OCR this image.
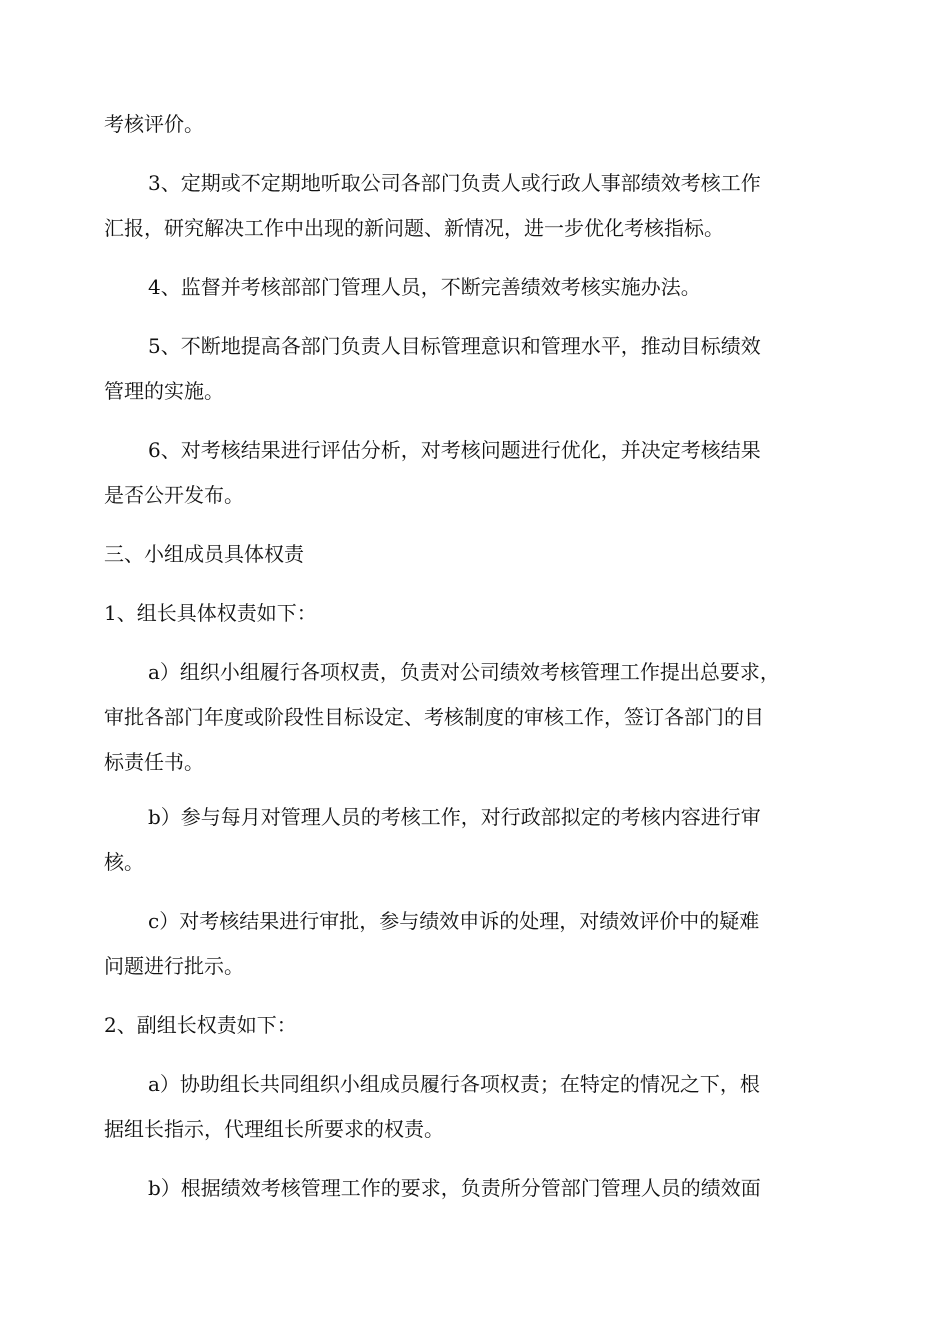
考核评价。

3、定期或不定期地听取公司各部门负责人或行政人事部绩效考核工作

汇报，研究解决工作中出现的新问题、新情况，进一步优化考核指标。

4、监督并考核部部门管理人员，不断完善绩效考核实施办法。

5、不断地提高各部门负责人目标管理意识和管理水平，推动目标绩效

管理的实施。

6、对考核结果进行评估分析，对考核问题进行优化，并决定考核结果

是否公开发布。

三、小组成员具体权责

1、组长具体权责如下：

a）组织小组履行各项权责，负责对公司绩效考核管理工作提出总要求，

审批各部门年度或阶段性目标设定、考核制度的审核工作，签订各部门的目

标责任书。

b）参与每月对管理人员的考核工作，对行政部拟定的考核内容进行审

核。

c）对考核结果进行审批，参与绩效申诉的处理，对绩效评价中的疑难

问题进行批示。

2、副组长权责如下：

a）协助组长共同组织小组成员履行各项权责；在特定的情况之下，根

据组长指示，代理组长所要求的权责。

b）根据绩效考核管理工作的要求，负责所分管部门管理人员的绩效面
